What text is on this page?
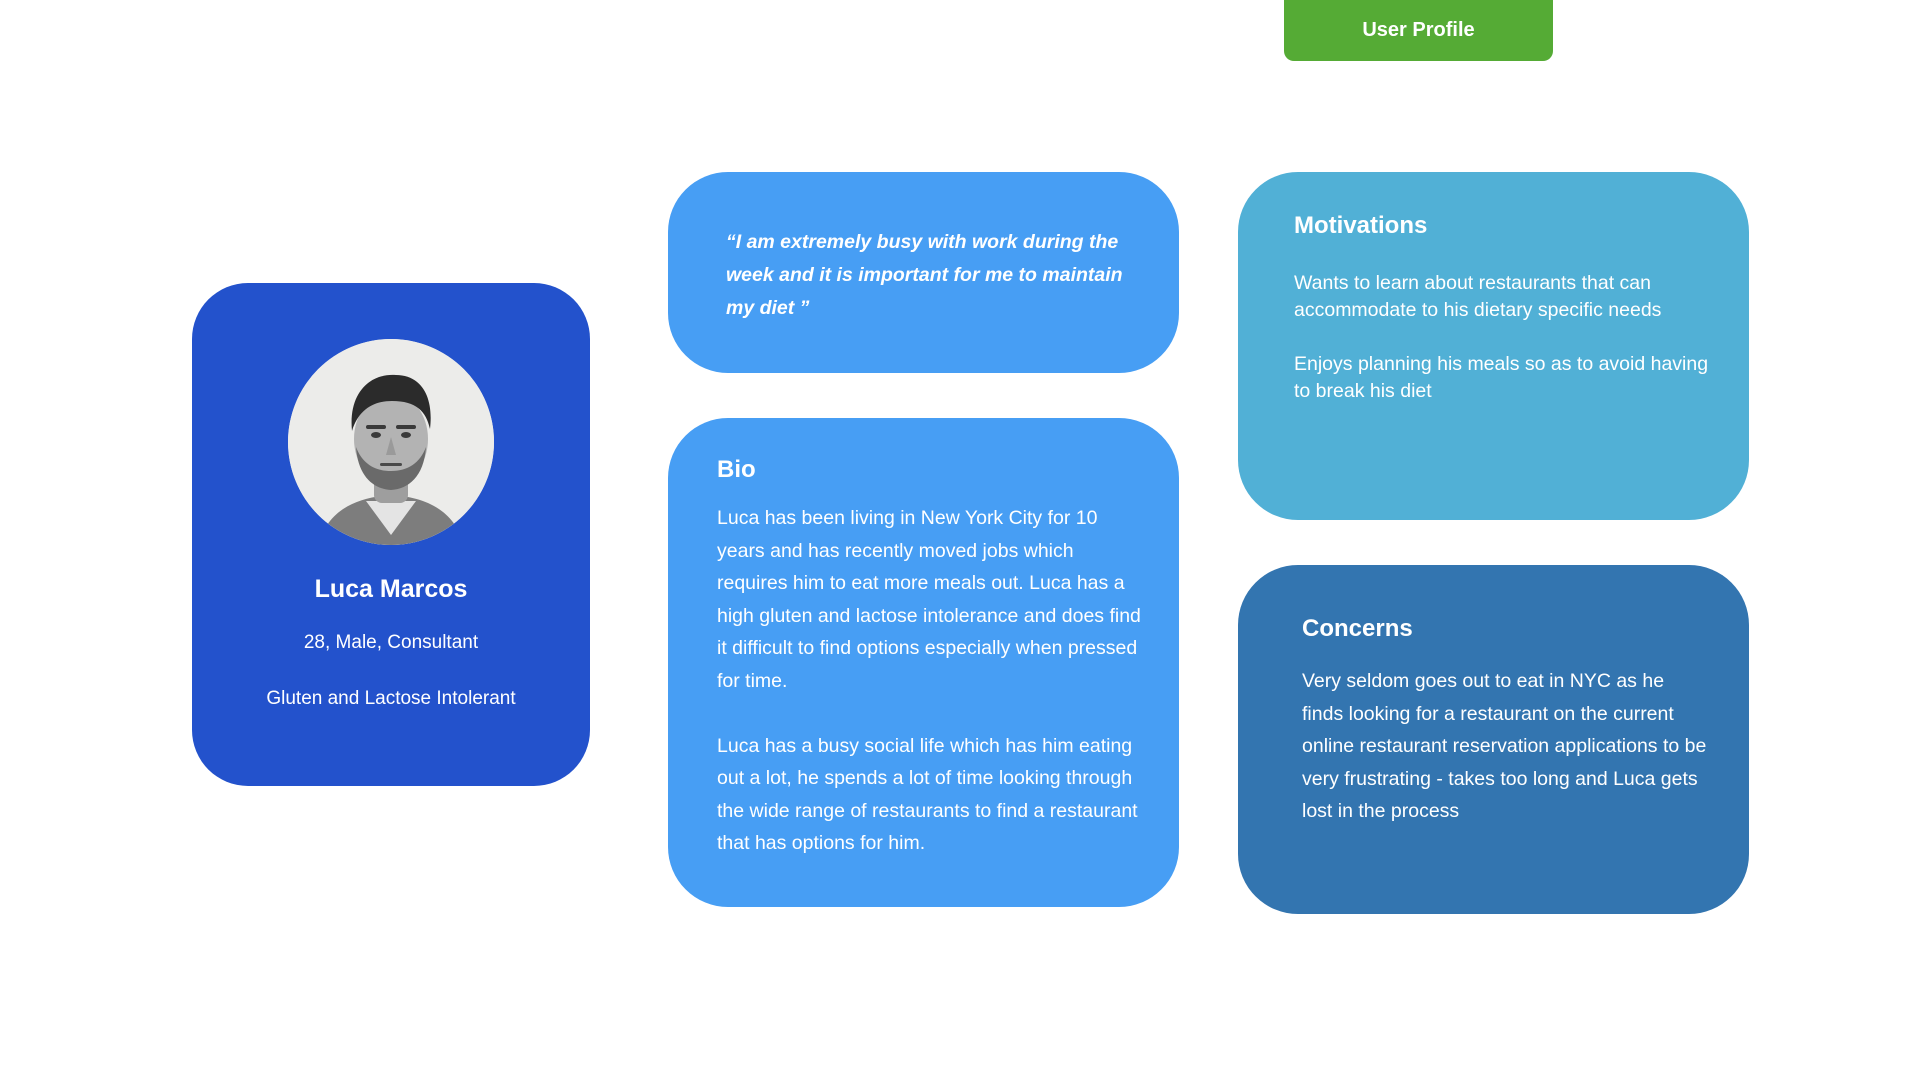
User Profile
Luca Marcos
28, Male, Consultant
Gluten and Lactose Intolerant

“I am extremely busy with work during the week and it is important for me to maintain my diet ”

Bio

Luca has been living in New York City for 10 years and has recently moved jobs which requires him to eat more meals out. Luca has a high gluten and lactose intolerance and does find it difficult to find options especially when pressed for time.

Luca has a busy social life which has him eating out a lot, he spends a lot of time looking through the wide range of restaurants to find a restaurant that has options for him.

Motivations

Wants to learn about restaurants that can accommodate to his dietary specific needs

Enjoys planning his meals so as to avoid having to break his diet

Concerns

Very seldom goes out to eat in NYC as he finds looking for a restaurant on the current online restaurant reservation applications to be very frustrating - takes too long and Luca gets lost in the process
